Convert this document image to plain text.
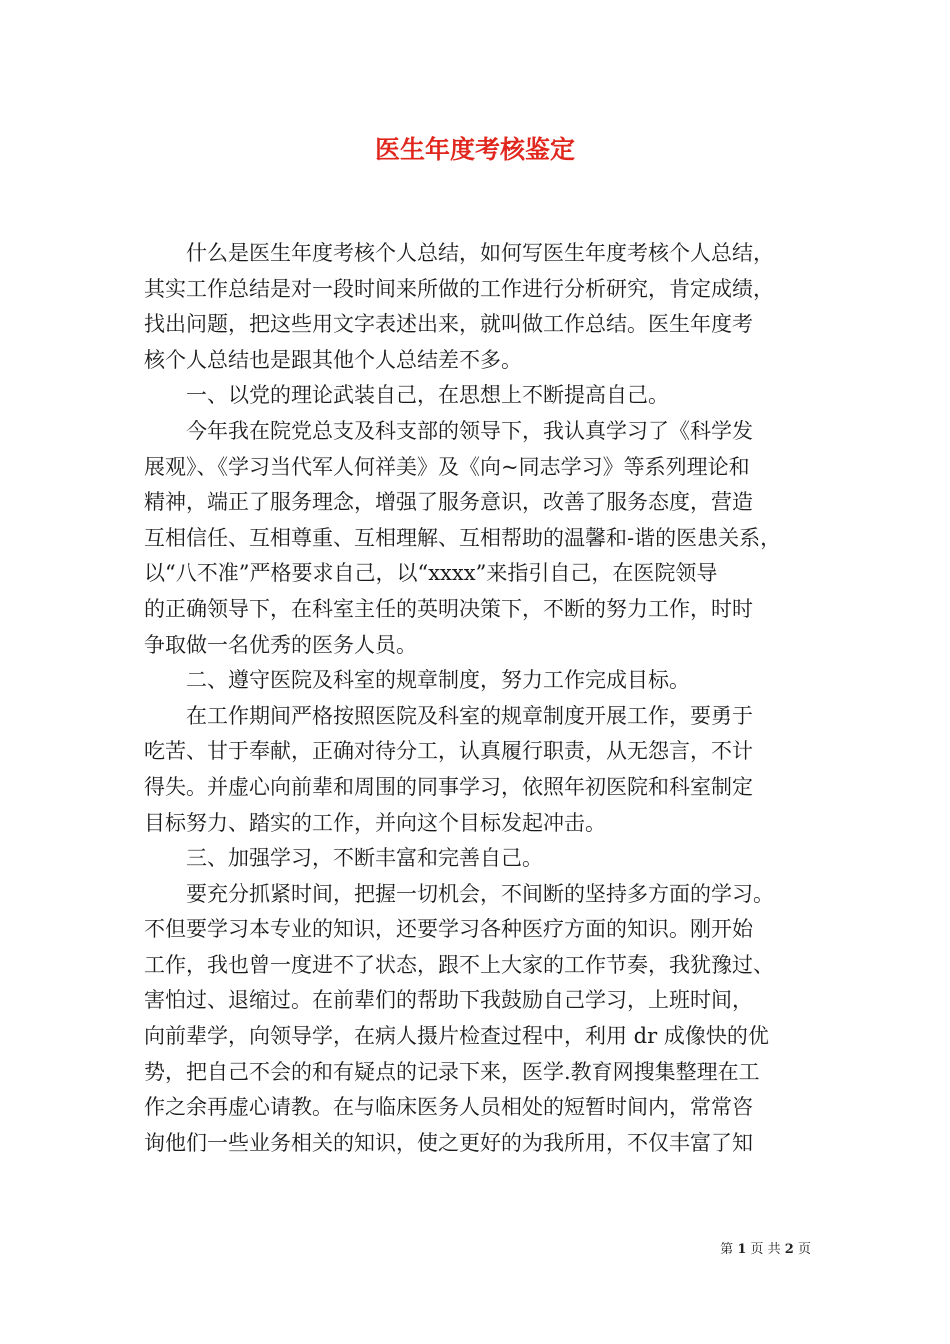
医生年度考核鉴定
什么是医生年度考核个人总结，如何写医生年度考核个人总结，
其实工作总结是对一段时间来所做的工作进行分析研究，肯定成绩，
找出问题，把这些用文字表述出来，就叫做工作总结。医生年度考
核个人总结也是跟其他个人总结差不多。
一、以党的理论武装自己，在思想上不断提高自己。
今年我在院党总支及科支部的领导下，我认真学习了《科学发
展观》、《学习当代军人何祥美》及《向~同志学习》等系列理论和
精神，端正了服务理念，增强了服务意识，改善了服务态度，营造
互相信任、互相尊重、互相理解、互相帮助的温馨和-谐的医患关系，
以“八不准”严格要求自己，以“xxxx”来指引自己，在医院领导
的正确领导下，在科室主任的英明决策下，不断的努力工作，时时
争取做一名优秀的医务人员。
二、遵守医院及科室的规章制度，努力工作完成目标。
在工作期间严格按照医院及科室的规章制度开展工作，要勇于
吃苦、甘于奉献，正确对待分工，认真履行职责，从无怨言，不计
得失。并虚心向前辈和周围的同事学习，依照年初医院和科室制定
目标努力、踏实的工作，并向这个目标发起冲击。
三、加强学习，不断丰富和完善自己。
要充分抓紧时间，把握一切机会，不间断的坚持多方面的学习。
不但要学习本专业的知识，还要学习各种医疗方面的知识。刚开始
工作，我也曾一度进不了状态，跟不上大家的工作节奏，我犹豫过、
害怕过、退缩过。在前辈们的帮助下我鼓励自己学习，上班时间，
向前辈学，向领导学，在病人摄片检查过程中，利用 dr 成像快的优
势，把自己不会的和有疑点的记录下来，医学.教育网搜集整理在工
作之余再虚心请教。在与临床医务人员相处的短暂时间内，常常咨
询他们一些业务相关的知识，使之更好的为我所用，不仅丰富了知
第 1 页 共 2 页
